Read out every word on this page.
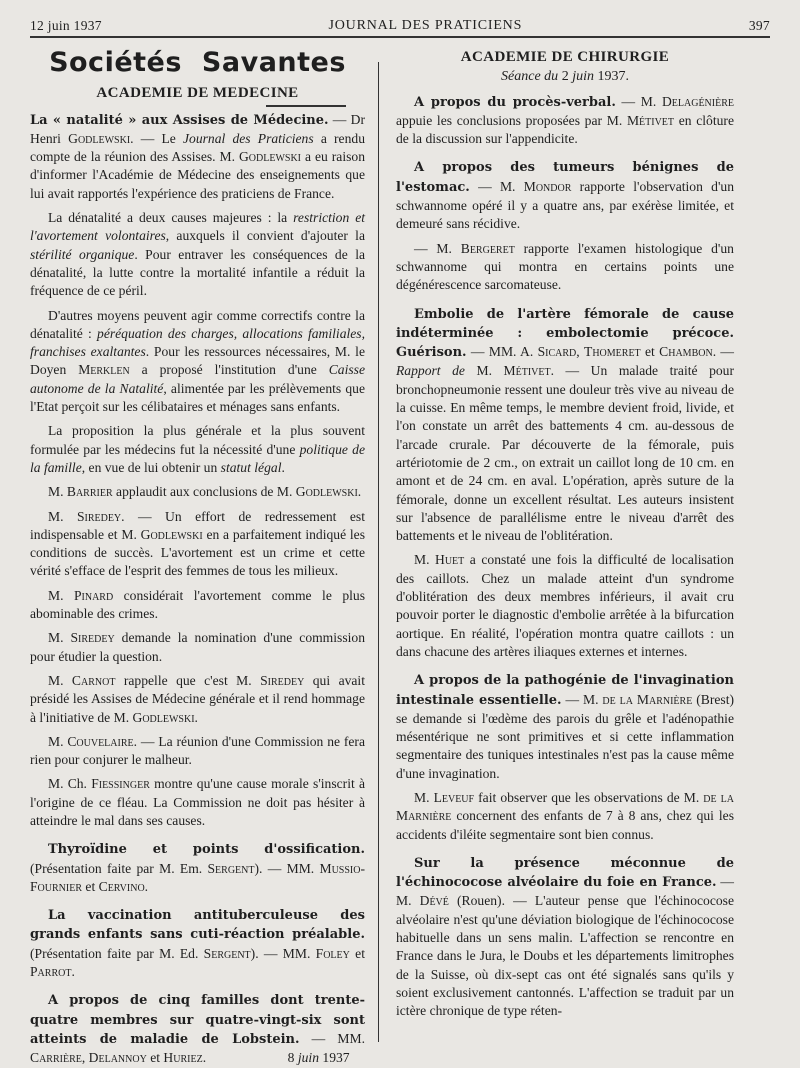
12 juin 1937	JOURNAL DES PRATICIENS	397
Sociétés Savantes
ACADEMIE DE MEDECINE

La « natalité » aux Assises de Médecine. — Dr Henri Godlewski. — Le Journal des Praticiens a rendu compte de la réunion des Assises. M. Godlewski a eu raison d'informer l'Académie de Médecine des enseignements que lui avait rapportés l'expérience des praticiens de France.

La dénatalité a deux causes majeures : la restriction et l'avortement volontaires, auxquels il convient d'ajouter la stérilité organique. Pour entraver les conséquences de la dénatalité, la lutte contre la mortalité infantile a réduit la fréquence de ce péril.

D'autres moyens peuvent agir comme correctifs contre la dénatalité : péréquation des charges, allocations familiales, franchises exaltantes. Pour les ressources nécessaires, M. le Doyen Merklen a proposé l'institution d'une Caisse autonome de la Natalité, alimentée par les prélèvements que l'Etat perçoit sur les célibataires et ménages sans enfants.

La proposition la plus générale et la plus souvent formulée par les médecins fut la nécessité d'une politique de la famille, en vue de lui obtenir un statut légal.

M. Barrier applaudit aux conclusions de M. Godlewski.

M. Siredey. — Un effort de redressement est indispensable et M. Godlewski en a parfaitement indiqué les conditions de succès. L'avortement est un crime et cette vérité s'efface de l'esprit des femmes de tous les milieux.

M. Pinard considérait l'avortement comme le plus abominable des crimes.

M. Siredey demande la nomination d'une commission pour étudier la question.

M. Carnot rappelle que c'est M. Siredey qui avait présidé les Assises de Médecine générale et il rend hommage à l'initiative de M. Godlewski.

M. Couvelaire. — La réunion d'une Commission ne fera rien pour conjurer le malheur.

M. Ch. Fiessinger montre qu'une cause morale s'inscrit à l'origine de ce fléau. La Commission ne doit pas hésiter à atteindre le mal dans ses causes.

Thyroïdine et points d'ossification. (Présentation faite par M. Em. Sergent). — MM. Mussio-Fournier et Cervino.

La vaccination antituberculeuse des grands enfants sans cuti-réaction préalable. (Présentation faite par M. Ed. Sergent). — MM. Foley et Parrot.

A propos de cinq familles dont trente-quatre membres sur quatre-vingt-six sont atteints de maladie de Lobstein. — MM. Carrière, Delannoy et Huriez.	8 juin 1937

ACADEMIE DE CHIRURGIE
Séance du 2 juin 1937.

A propos du procès-verbal. — M. Delagénière appuie les conclusions proposées par M. Métivet en clôture de la discussion sur l'appendicite.

A propos des tumeurs bénignes de l'estomac. — M. Mondor rapporte l'observation d'un schwannome opéré il y a quatre ans, par exérèse limitée, et demeuré sans récidive.

— M. Bergeret rapporte l'examen histologique d'un schwannome qui montra en certains points une dégénérescence sarcomateuse.

Embolie de l'artère fémorale de cause indéterminée : embolectomie précoce. Guérison. — MM. A. Sicard, Thomeret et Chambon. — Rapport de M. Métivet. — Un malade traité pour bronchopneumonie ressent une douleur très vive au niveau de la cuisse. En même temps, le membre devient froid, livide, et l'on constate un arrêt des battements 4 cm. au-dessous de l'arcade crurale. Par découverte de la fémorale, puis artériotomie de 2 cm., on extrait un caillot long de 10 cm. en amont et de 24 cm. en aval. L'opération, après suture de la fémorale, donne un excellent résultat. Les auteurs insistent sur l'absence de parallélisme entre le niveau d'arrêt des battements et le niveau de l'oblitération.

M. Huet a constaté une fois la difficulté de localisation des caillots. Chez un malade atteint d'un syndrome d'oblitération des deux membres inférieurs, il avait cru pouvoir porter le diagnostic d'embolie arrêtée à la bifurcation aortique. En réalité, l'opération montra quatre caillots : un dans chacune des artères iliaques externes et internes.

A propos de la pathogénie de l'invagination intestinale essentielle. — M. de la Marnière (Brest) se demande si l'œdème des parois du grêle et l'adénopathie mésentérique ne sont primitives et si cette inflammation segmentaire des tuniques intestinales n'est pas la cause même d'une invagination.

M. Leveuf fait observer que les observations de M. de la Marnière concernent des enfants de 7 à 8 ans, chez qui les accidents d'iléite segmentaire sont bien connus.

Sur la présence méconnue de l'échinococose alvéolaire du foie en France. — M. Dévé (Rouen). — L'auteur pense que l'échinococose alvéolaire n'est qu'une déviation biologique de l'échinococose habituelle dans un sens malin. L'affection se rencontre en France dans le Jura, le Doubs et les départements limitrophes de la Suisse, où dix-sept cas ont été signalés sans qu'ils y soient exclusivement cantonnés. L'affection se traduit par un ictère chronique de type réten-
